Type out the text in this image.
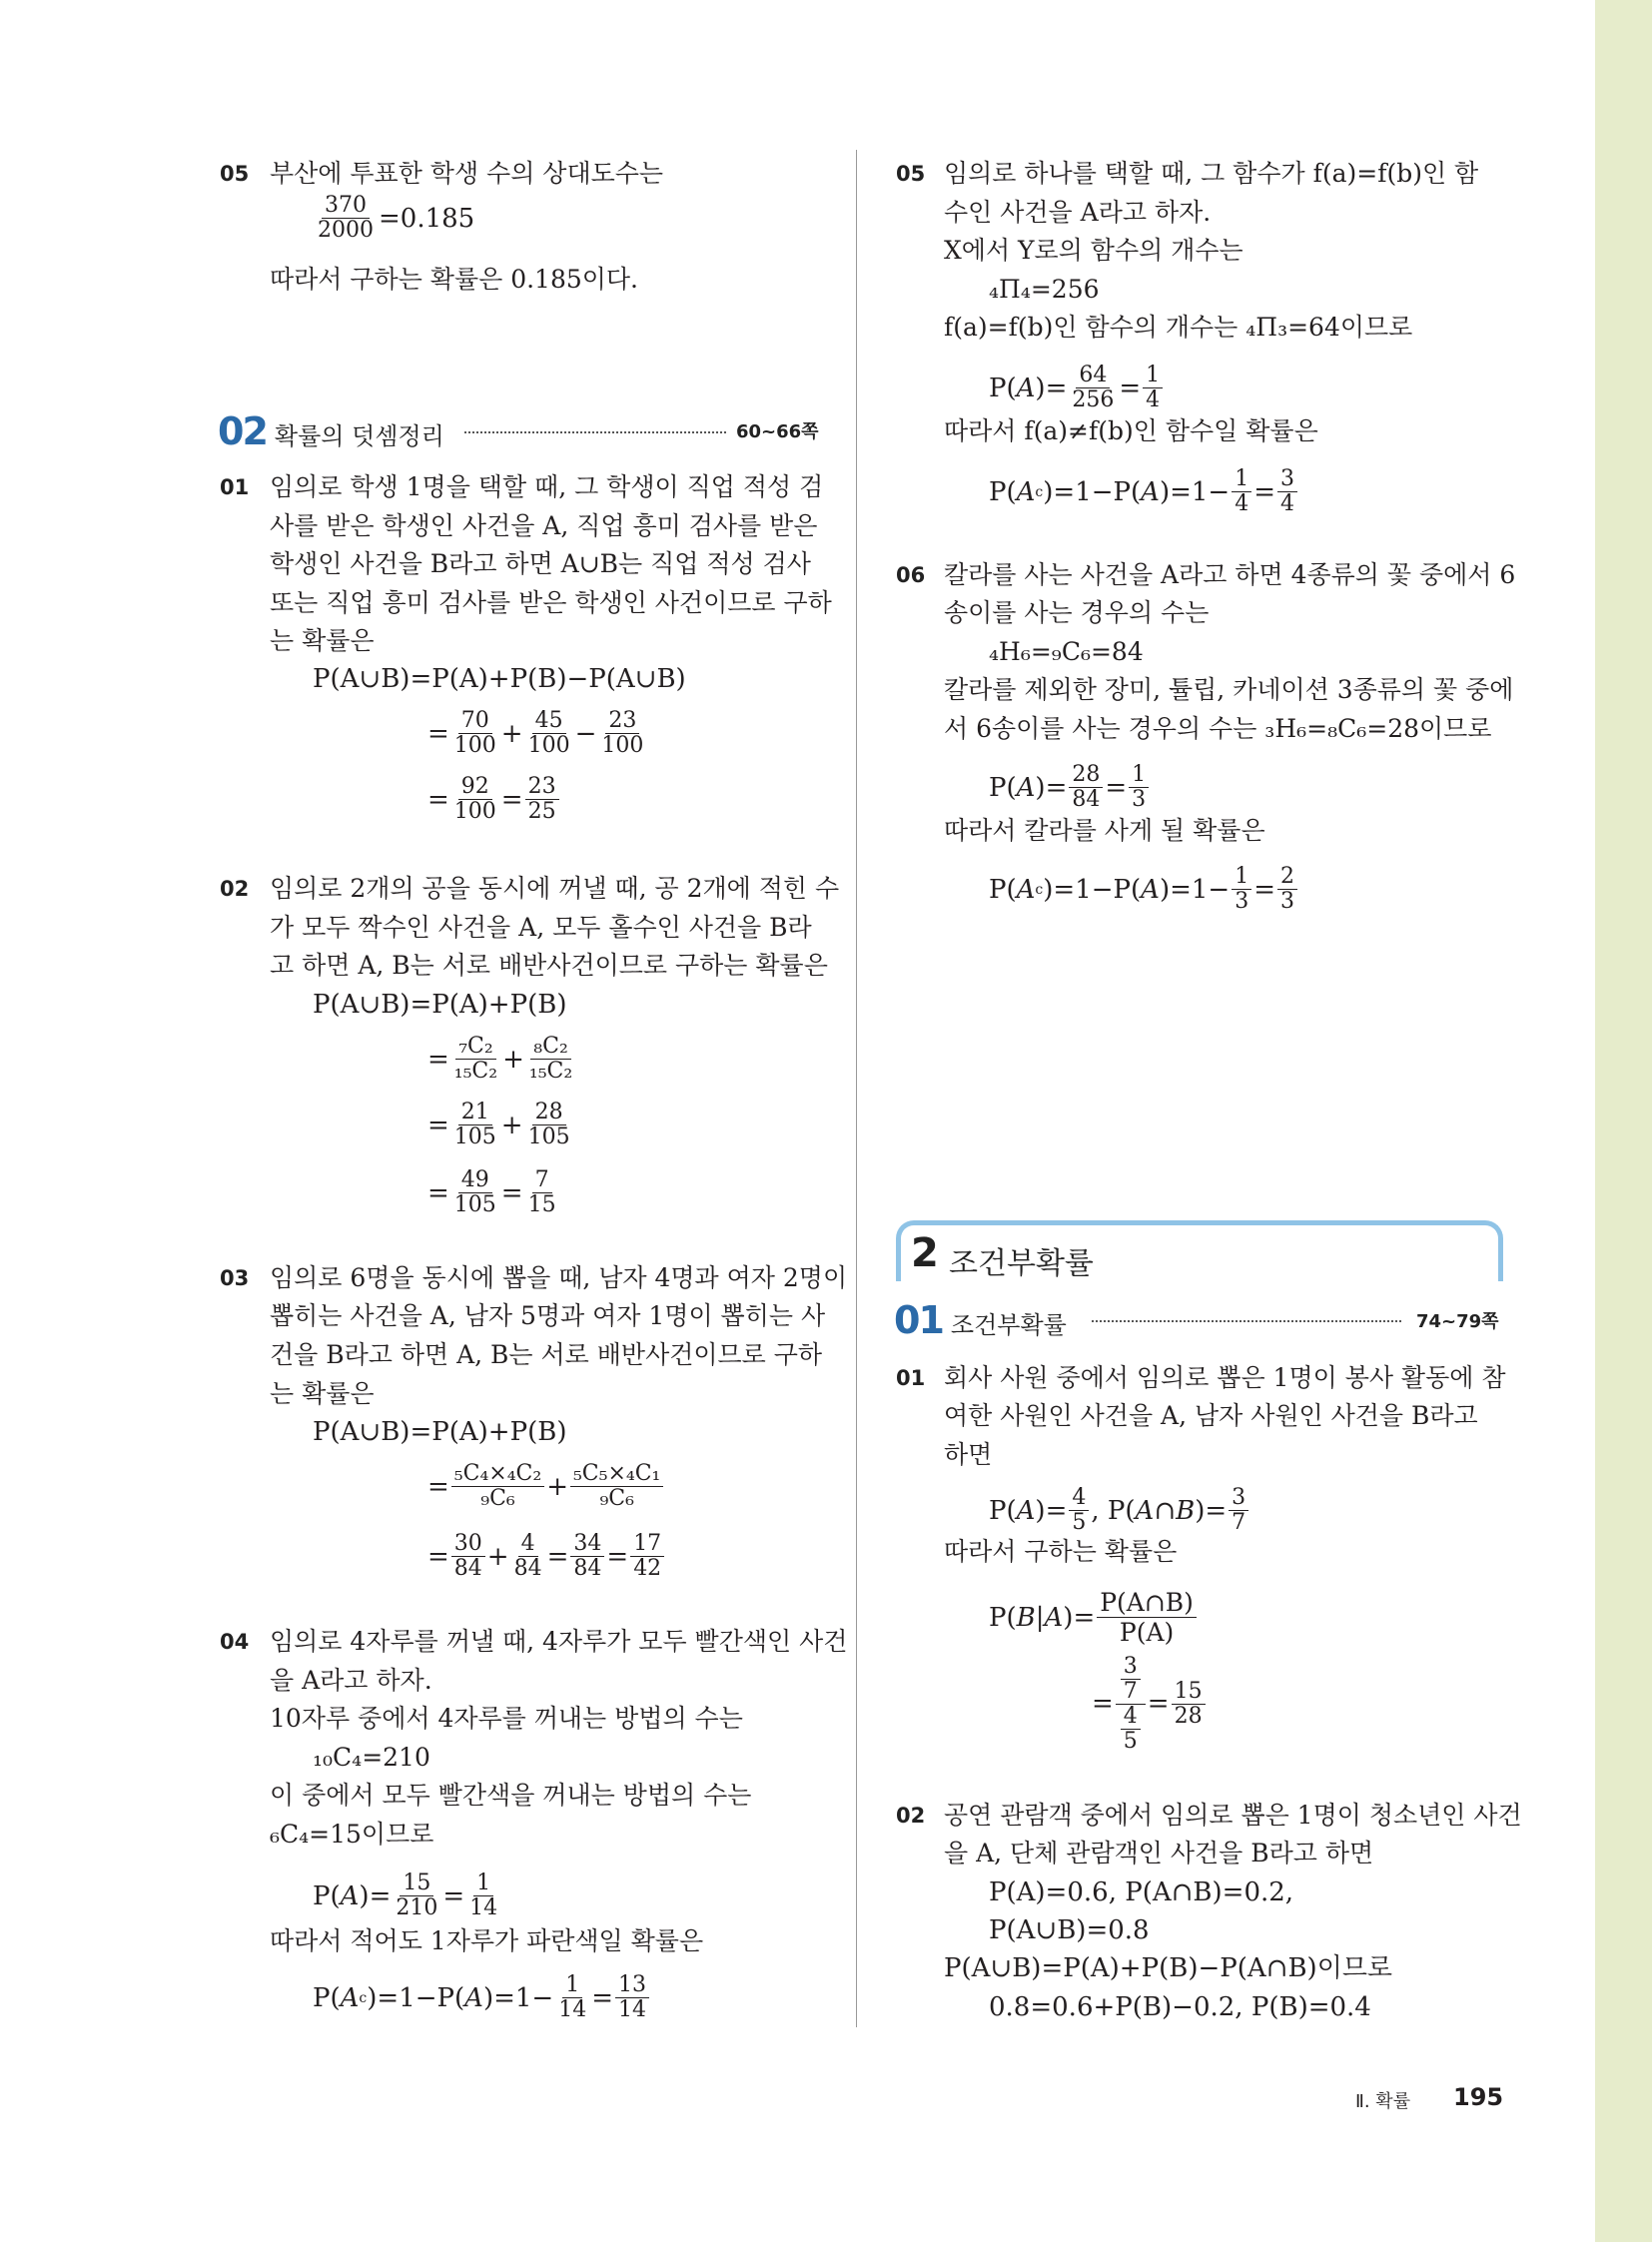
05 부산에 투표한 학생 수의 상대도수는
$\frac{370}{2000} =0.185$
따라서 구하는 확률은 0.185이다.
02 확률의 덧셈정리	60~66쪽
01 임의로 학생 1명을 택할 때, 그 학생이 직업 적성 검
사를 받은 학생인 사건을 A, 직업 흥미 검사를 받은
학생인 사건을 B라고 하면 A∪B는 직업 적성 검사
또는 직업 흥미 검사를 받은 학생인 사건이므로 구하
는 확률은
P(A∪B)=P(A)+P(B)−P(A∪B)
= $\frac{70}{100} + \frac{45}{100} - \frac{23}{100}$
= $\frac{92}{100} = \frac{23}{25}$
02 임의로 2개의 공을 동시에 꺼낼 때, 공 2개에 적힌 수
가 모두 짝수인 사건을 A, 모두 홀수인 사건을 B라
고 하면 A, B는 서로 배반사건이므로 구하는 확률은
P(A∪B)=P(A)+P(B)
= $\frac{\text{₇C₂}}{\text{₁₅C₂}} + \frac{\text{₈C₂}}{\text{₁₅C₂}}$
= $\frac{21}{105} + \frac{28}{105}$
= $\frac{49}{105} = \frac{7}{15}$
03 임의로 6명을 동시에 뽑을 때, 남자 4명과 여자 2명이
뽑히는 사건을 A, 남자 5명과 여자 1명이 뽑히는 사
건을 B라고 하면 A, B는 서로 배반사건이므로 구하
는 확률은
P(A∪B)=P(A)+P(B)
= $\frac{\text{₅C₄×₄C₂}}{\text{₉C₆}} + \frac{\text{₅C₅×₄C₁}}{\text{₉C₆}}$
= $\frac{30}{84} + \frac{4}{84} = \frac{34}{84} = \frac{17}{42}$
04 임의로 4자루를 꺼낼 때, 4자루가 모두 빨간색인 사건
을 A라고 하자.
10자루 중에서 4자루를 꺼내는 방법의 수는
₁₀C₄=210
이 중에서 모두 빨간색을 꺼내는 방법의 수는
₆C₄=15이므로
P( A )= $\frac{15}{210} = \frac{1}{14}$
따라서 적어도 1자루가 파란색일 확률은
P( A c )=1−P( A )$=1- \frac{1}{14} = \frac{13}{14}$
05 임의로 하나를 택할 때, 그 함수가 f(a)=f(b)인 함
수인 사건을 A라고 하자.
X에서 Y로의 함수의 개수는
₄Π₄=256
f(a)=f(b)인 함수의 개수는 ₄Π₃=64이므로
P( A )= $\frac{64}{256} = \frac{1}{4}$
따라서 f(a)≠f(b)인 함수일 확률은
P( A c )=1−P( A )$=1- \frac{1}{4} = \frac{3}{4}$
06 칼라를 사는 사건을 A라고 하면 4종류의 꽃 중에서 6
송이를 사는 경우의 수는
₄H₆=₉C₆=84
칼라를 제외한 장미, 튤립, 카네이션 3종류의 꽃 중에
서 6송이를 사는 경우의 수는 ₃H₆=₈C₆=28이므로
P( A )= $\frac{28}{84} = \frac{1}{3}$
따라서 칼라를 사게 될 확률은
P( A c )=1−P( A )$=1- \frac{1}{3} = \frac{2}{3}$
2 조건부확률
01 조건부확률	74~79쪽
01 회사 사원 중에서 임의로 뽑은 1명이 봉사 활동에 참
여한 사원인 사건을 A, 남자 사원인 사건을 B라고
하면
P( A )= $\frac{4}{5}$ , P( A ∩ B )= $\frac{3}{7}$
따라서 구하는 확률은
P( B | A )= $\frac{P(A\cap B)}{P(A)}$
= $\frac{\frac{3}{7}}{\frac{4}{5}} = \frac{15}{28}$
02 공연 관람객 중에서 임의로 뽑은 1명이 청소년인 사건
을 A, 단체 관람객인 사건을 B라고 하면
P(A)=0.6, P(A∩B)=0.2,
P(A∪B)=0.8
P(A∪B)=P(A)+P(B)−P(A∩B)이므로
0.8=0.6+P(B)−0.2, P(B)=0.4
Ⅱ. 확률 195
